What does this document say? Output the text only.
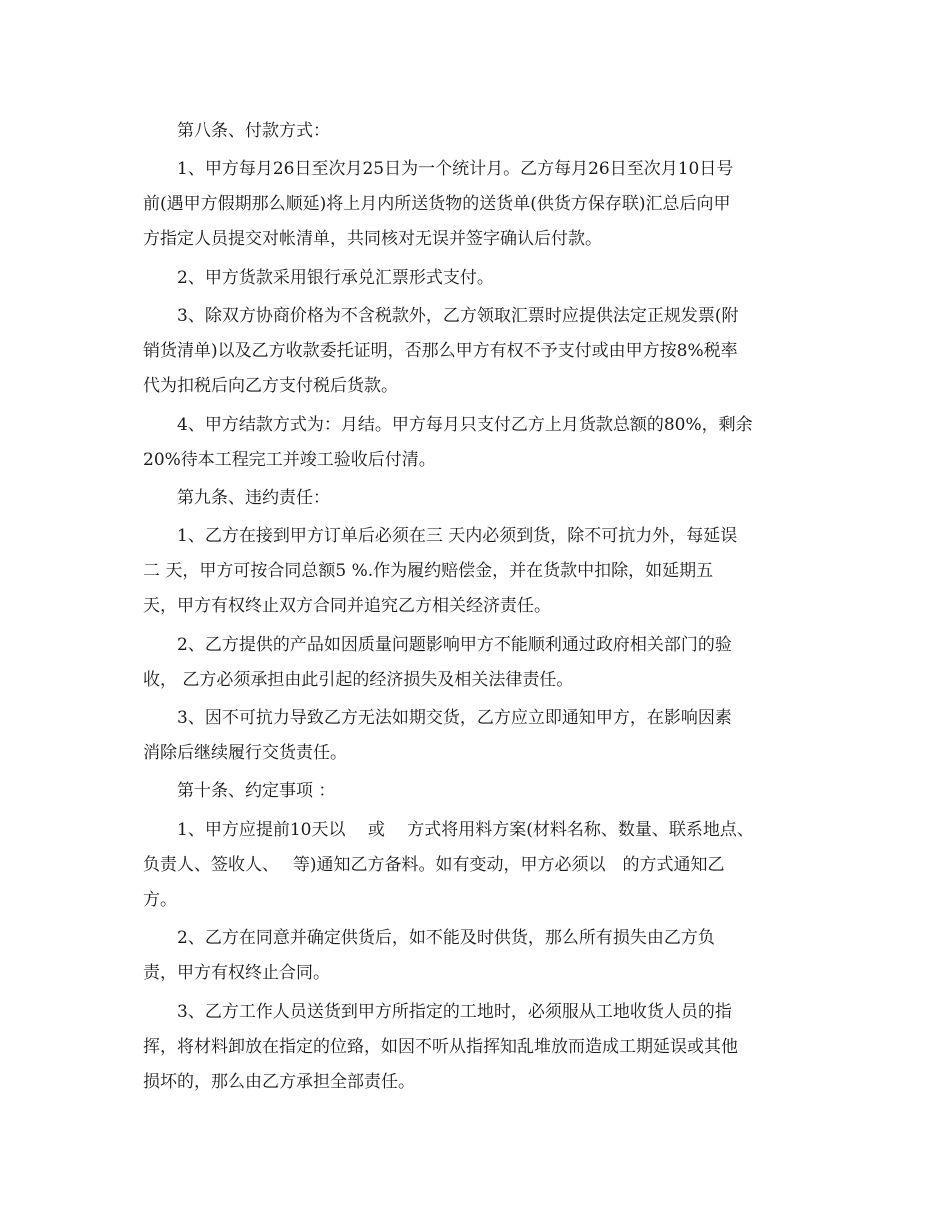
第八条、付款方式：
1、甲方每月26日至次月25日为一个统计月。乙方每月26日至次月10日号
前(遇甲方假期那么顺延)将上月内所送货物的送货单(供货方保存联)汇总后向甲
方指定人员提交对帐清单，共同核对无误并签字确认后付款。
2、甲方货款采用银行承兑汇票形式支付。
3、除双方协商价格为不含税款外，乙方领取汇票时应提供法定正规发票(附
销货清单)以及乙方收款委托证明，否那么甲方有权不予支付或由甲方按8%税率
代为扣税后向乙方支付税后货款。
4、甲方结款方式为：月结。甲方每月只支付乙方上月货款总额的80%，剩余
20%待本工程完工并竣工验收后付清。
第九条、违约责任：
1、乙方在接到甲方订单后必须在三 天内必须到货，除不可抗力外，每延误
二 天，甲方可按合同总额5 %.作为履约赔偿金，并在货款中扣除，如延期五
天，甲方有权终止双方合同并追究乙方相关经济责任。
2、乙方提供的产品如因质量问题影响甲方不能顺利通过政府相关部门的验
收， 乙方必须承担由此引起的经济损失及相关法律责任。
3、因不可抗力导致乙方无法如期交货，乙方应立即通知甲方，在影响因素
消除后继续履行交货责任。
第十条、约定事项 ：
1、甲方应提前10天以　 或　 方式将用料方案(材料名称、数量、联系地点、
负责人、签收人、　 等)通知乙方备料。如有变动，甲方必须以　的方式通知乙
方。
2、乙方在同意并确定供货后，如不能及时供货，那么所有损失由乙方负
责，甲方有权终止合同。
3、乙方工作人员送货到甲方所指定的工地时，必须服从工地收货人员的指
挥，将材料卸放在指定的位臵，如因不听从指挥知乱堆放而造成工期延误或其他
损坏的，那么由乙方承担全部责任。
